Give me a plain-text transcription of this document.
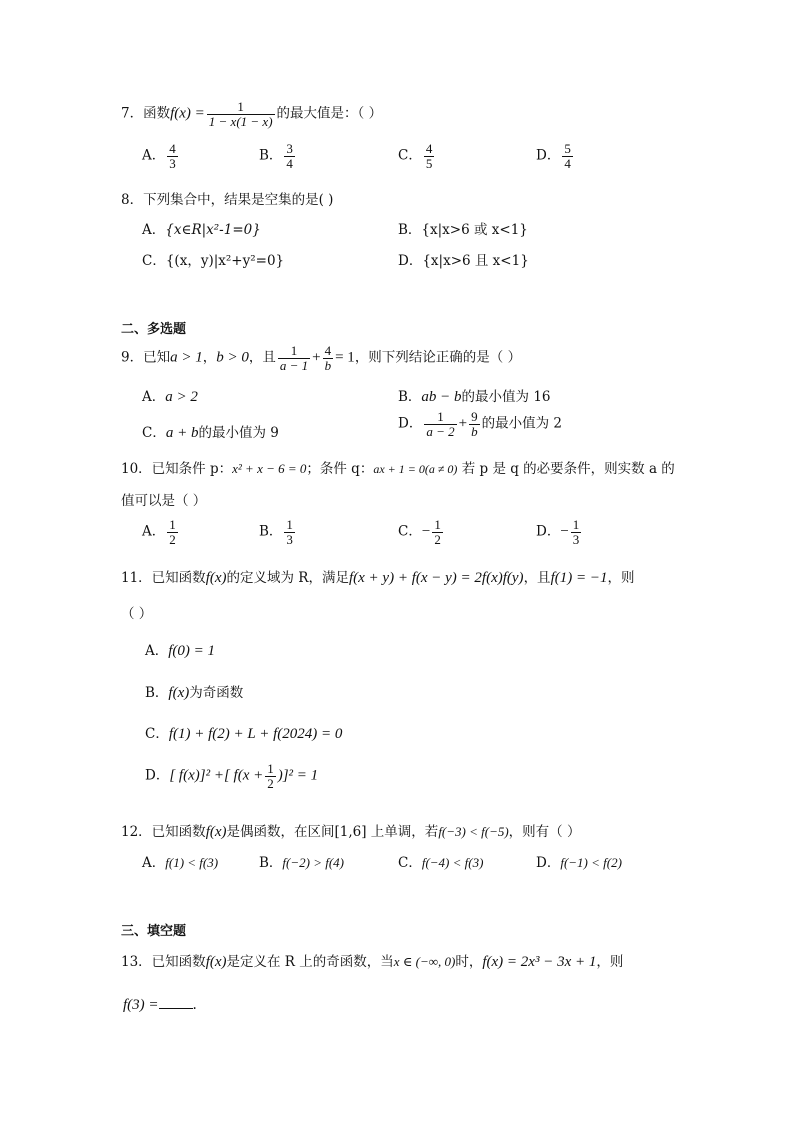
7．函数$f(x) = \frac{1}{1 - x(1 - x)}$ 的最大值是：（ ）
A． $\frac{4}{3}$	B． $\frac{3}{4}$	C． $\frac{4}{5}$	D． $\frac{5}{4}$
8．下列集合中，结果是空集的是( )
A．{x∈R|x²-1=0}	B．{x|x>6 或 x<1}
C．{(x，y)|x²+y²=0}	D．{x|x>6 且 x<1}
二、多选题
9．已知a > 1，b > 0，且 $\frac{1}{a - 1} + \frac{4}{b} = 1$，则下列结论正确的是（ ）
A．a > 2	B．ab − b的最小值为 16
C．a + b的最小值为 9
D． $\frac{1}{a - 2} + \frac{9}{b}$ 的最小值为 2
10．已知条件 p：x² + x − 6 = 0；条件 q：ax + 1 = 0(a ≠ 0) 若 p 是 q 的必要条件，则实数 a 的
值可以是（ ）
A． $\frac{1}{2}$	B． $\frac{1}{3}$	C．− $\frac{1}{2}$	D．− $\frac{1}{3}$
11．已知函数f(x)的定义域为 R，满足f(x + y) + f(x − y) = 2f(x)f(y)，且f(1) = −1，则
（ ）
A．f(0) = 1
B．f(x)为奇函数
C．f(1) + f(2) + L + f(2024) = 0
D．[ f(x)]² +[ $f(x + \frac{1}{2} )]^2 = 1$
12．已知函数f(x)是偶函数，在区间[1,6] 上单调，若f(−3) < f(−5)，则有（ ）
A．f(1) < f(3)	B．f(−2) > f(4)	C．f(−4) < f(3)	D．f(−1) < f(2)
三、填空题
13．已知函数f(x)是定义在 R 上的奇函数，当x ∈ (−∞, 0)时，f(x) = 2x³ − 3x + 1，则
f(3) =	.
